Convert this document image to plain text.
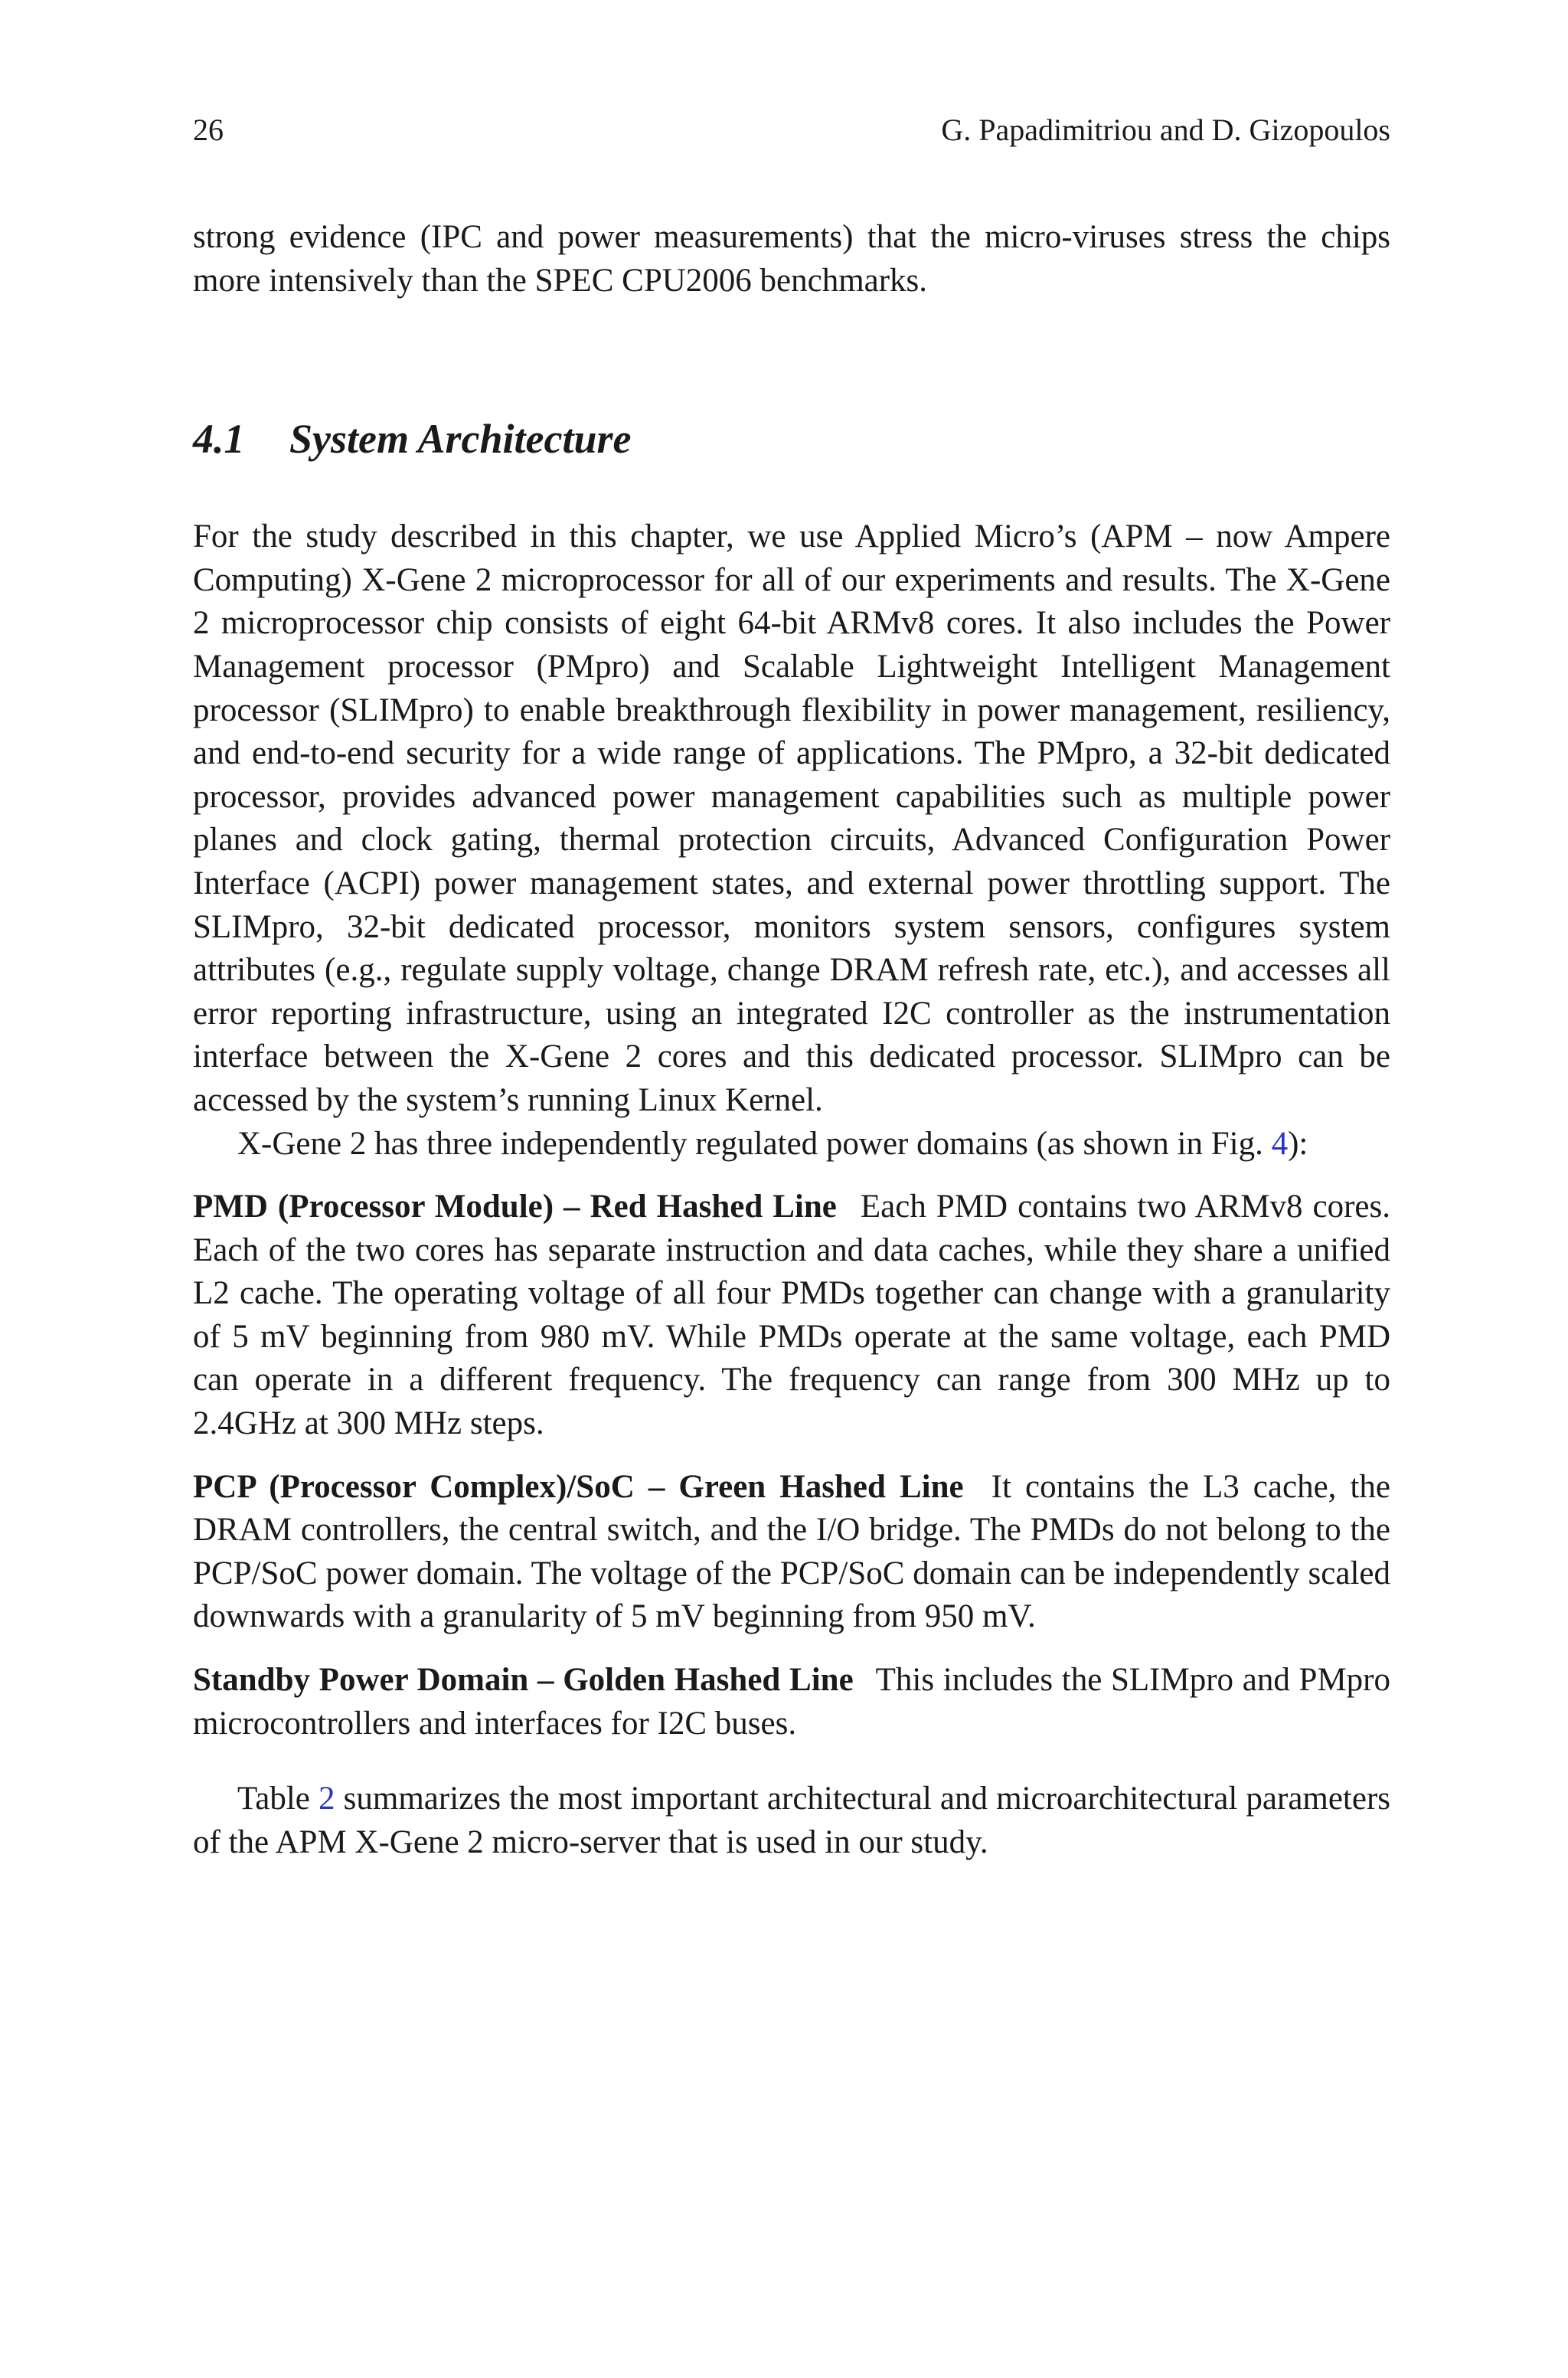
26	G. Papadimitriou and D. Gizopoulos

strong evidence (IPC and power measurements) that the micro-viruses stress the chips more intensively than the SPEC CPU2006 benchmarks.

4.1 System Architecture

For the study described in this chapter, we use Applied Micro’s (APM – now Ampere Computing) X-Gene 2 microprocessor for all of our experiments and results. The X-Gene 2 microprocessor chip consists of eight 64-bit ARMv8 cores. It also includes the Power Management processor (PMpro) and Scalable Lightweight Intelligent Management processor (SLIMpro) to enable breakthrough flexibility in power management, resiliency, and end-to-end security for a wide range of applications. The PMpro, a 32-bit dedicated processor, provides advanced power management capabilities such as multiple power planes and clock gating, thermal protection circuits, Advanced Configuration Power Interface (ACPI) power management states, and external power throttling support. The SLIMpro, 32-bit dedicated processor, monitors system sensors, configures system attributes (e.g., regulate supply voltage, change DRAM refresh rate, etc.), and accesses all error reporting infrastructure, using an integrated I2C controller as the instrumentation interface between the X-Gene 2 cores and this dedicated processor. SLIMpro can be accessed by the system’s running Linux Kernel.

X-Gene 2 has three independently regulated power domains (as shown in Fig. 4):

PMD (Processor Module) – Red Hashed Line Each PMD contains two ARMv8 cores. Each of the two cores has separate instruction and data caches, while they share a unified L2 cache. The operating voltage of all four PMDs together can change with a granularity of 5 mV beginning from 980 mV. While PMDs operate at the same voltage, each PMD can operate in a different frequency. The frequency can range from 300 MHz up to 2.4GHz at 300 MHz steps.

PCP (Processor Complex)/SoC – Green Hashed Line It contains the L3 cache, the DRAM controllers, the central switch, and the I/O bridge. The PMDs do not belong to the PCP/SoC power domain. The voltage of the PCP/SoC domain can be independently scaled downwards with a granularity of 5 mV beginning from 950 mV.

Standby Power Domain – Golden Hashed Line This includes the SLIMpro and PMpro microcontrollers and interfaces for I2C buses.

Table 2 summarizes the most important architectural and microarchitectural parameters of the APM X-Gene 2 micro-server that is used in our study.
